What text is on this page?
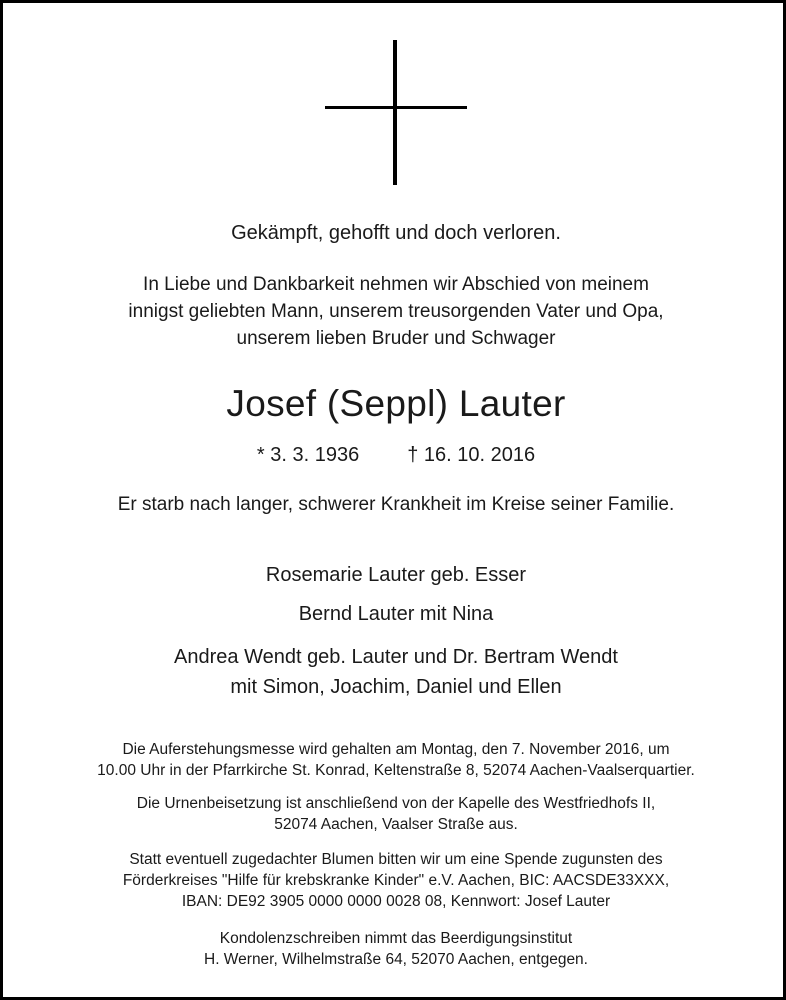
Gekämpft, gehofft und doch verloren.
In Liebe und Dankbarkeit nehmen wir Abschied von meinem
innigst geliebten Mann, unserem treusorgenden Vater und Opa,
unserem lieben Bruder und Schwager
Josef (Seppl) Lauter
* 3. 3. 1936 † 16. 10. 2016
Er starb nach langer, schwerer Krankheit im Kreise seiner Familie.
Rosemarie Lauter geb. Esser
Bernd Lauter mit Nina
Andrea Wendt geb. Lauter und Dr. Bertram Wendt
mit Simon, Joachim, Daniel und Ellen
Die Auferstehungsmesse wird gehalten am Montag, den 7. November 2016, um
10.00 Uhr in der Pfarrkirche St. Konrad, Keltenstraße 8, 52074 Aachen-Vaalserquartier.
Die Urnenbeisetzung ist anschließend von der Kapelle des Westfriedhofs II,
52074 Aachen, Vaalser Straße aus.
Statt eventuell zugedachter Blumen bitten wir um eine Spende zugunsten des
Förderkreises "Hilfe für krebskranke Kinder" e.V. Aachen, BIC: AACSDE33XXX,
IBAN: DE92 3905 0000 0000 0028 08, Kennwort: Josef Lauter
Kondolenzschreiben nimmt das Beerdigungsinstitut
H. Werner, Wilhelmstraße 64, 52070 Aachen, entgegen.
